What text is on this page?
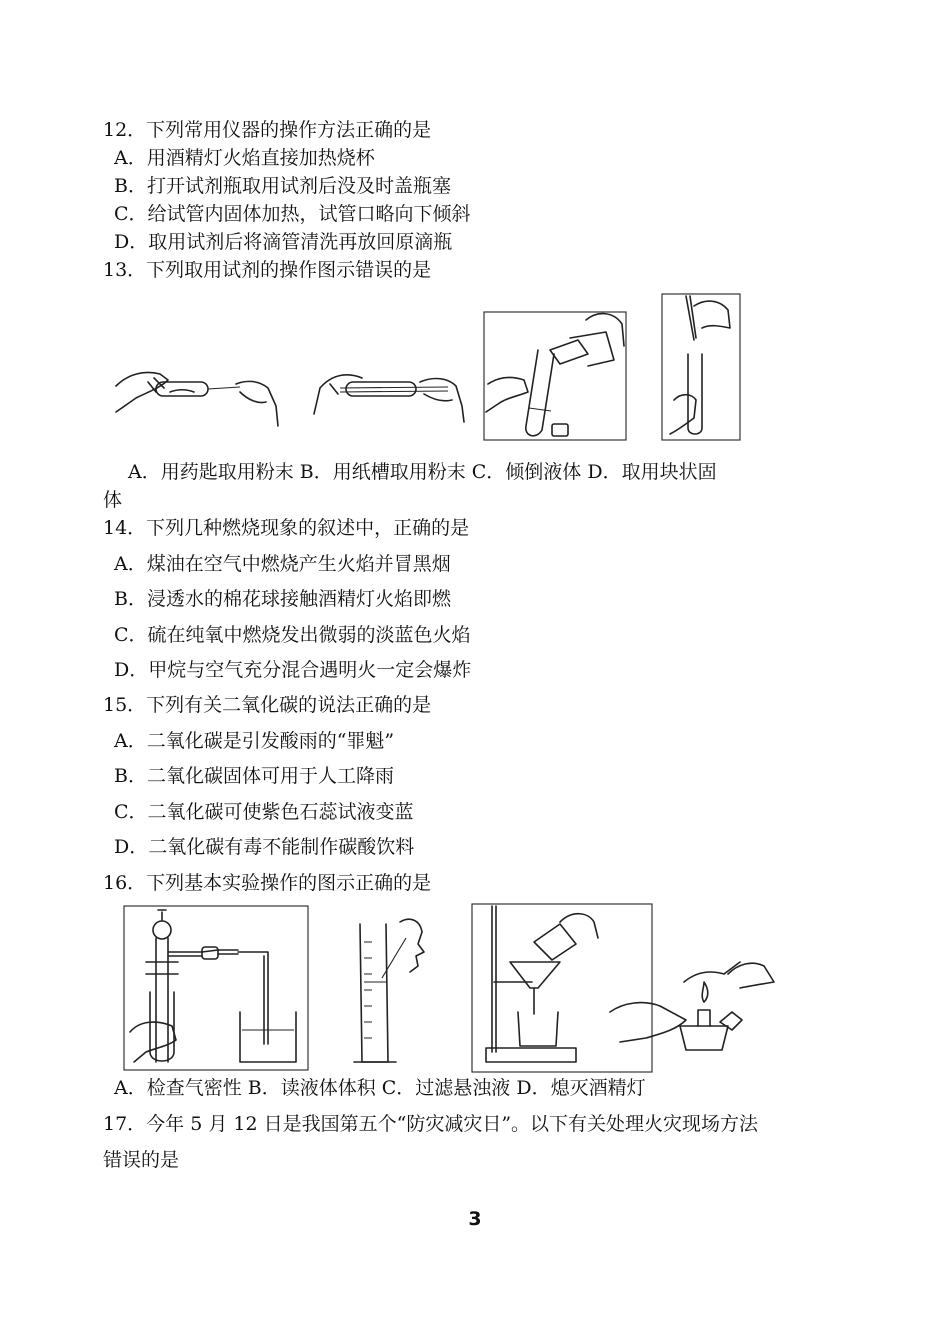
12．下列常用仪器的操作方法正确的是
A．用酒精灯火焰直接加热烧杯
B．打开试剂瓶取用试剂后没及时盖瓶塞
C．给试管内固体加热，试管口略向下倾斜
D．取用试剂后将滴管清洗再放回原滴瓶
13．下列取用试剂的操作图示错误的是
A．用药匙取用粉末 B．用纸槽取用粉末 C．倾倒液体 D．取用块状固
体
14．下列几种燃烧现象的叙述中，正确的是
A．煤油在空气中燃烧产生火焰并冒黑烟
B．浸透水的棉花球接触酒精灯火焰即燃
C．硫在纯氧中燃烧发出微弱的淡蓝色火焰
D．甲烷与空气充分混合遇明火一定会爆炸
15．下列有关二氧化碳的说法正确的是
A．二氧化碳是引发酸雨的“罪魁”
B．二氧化碳固体可用于人工降雨
C．二氧化碳可使紫色石蕊试液变蓝
D．二氧化碳有毒不能制作碳酸饮料
16．下列基本实验操作的图示正确的是
A．检查气密性 B．读液体体积 C．过滤悬浊液 D．熄灭酒精灯
17．今年 5 月 12 日是我国第五个“防灾减灾日”。以下有关处理火灾现场方法
错误的是
3
